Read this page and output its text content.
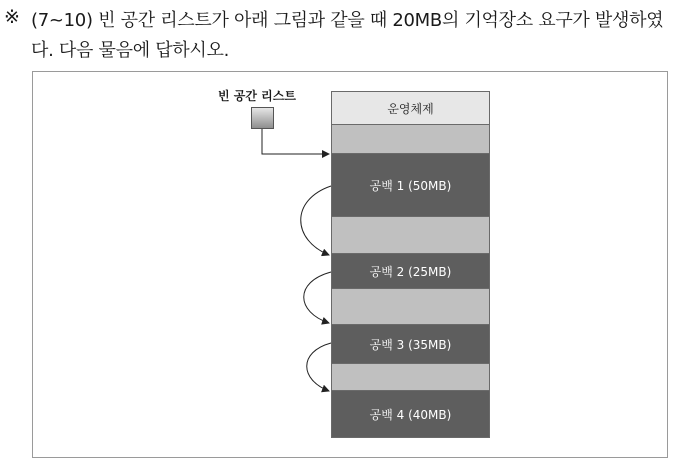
※ (7~10) 빈 공간 리스트가 아래 그림과 같을 때 20MB의 기억장소 요구가 발생하였
다. 다음 물음에 답하시오.
빈 공간 리스트
운영체제
공백 1 (50MB)
공백 2 (25MB)
공백 3 (35MB)
공백 4 (40MB)
